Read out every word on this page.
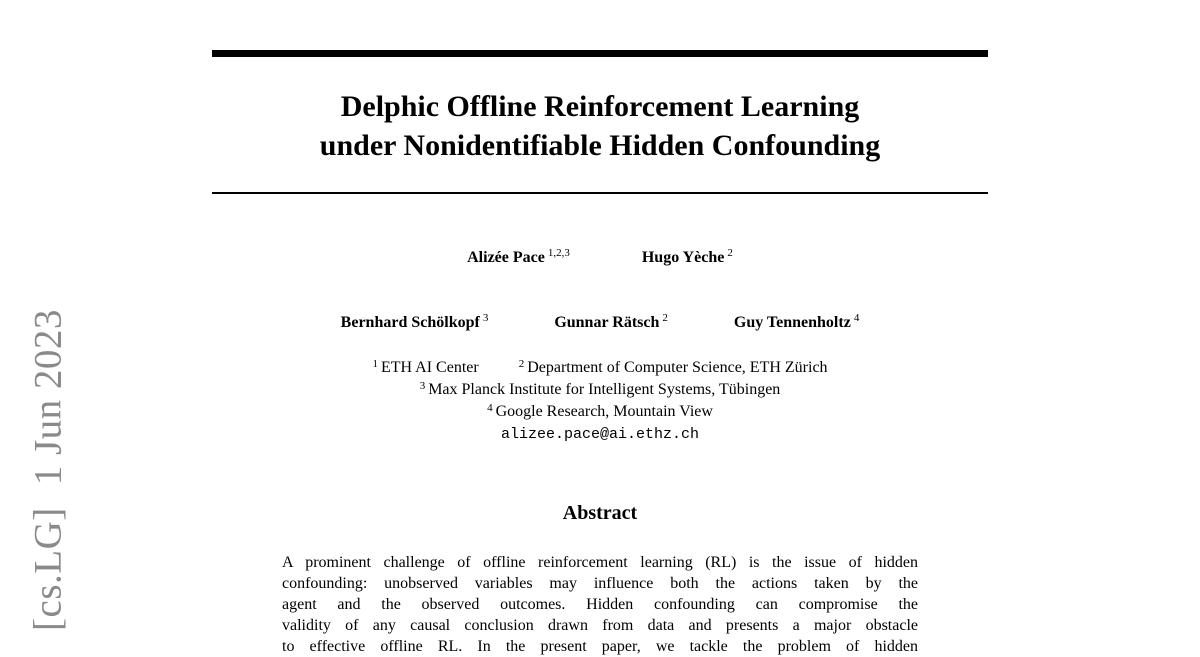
[cs.LG]1 Jun 2023
Delphic Offline Reinforcement Learning
under Nonidentifiable Hidden Confounding
Alizée Pace $^{1,2,3}$	Hugo Yèche $^2$
Bernhard Schölkopf $^3$	Gunnar Rätsch $^2$	Guy Tennenholtz $^4$
$^1$ ETH AI Center	$^2$ Department of Computer Science, ETH Zürich
$^3$ Max Planck Institute for Intelligent Systems, Tübingen
$^4$ Google Research, Mountain View
alizee.pace@ai.ethz.ch
Abstract
A prominent challenge of offline reinforcement learning (RL) is the issue of hidden
confounding: unobserved variables may influence both the actions taken by the
agent and the observed outcomes. Hidden confounding can compromise the
validity of any causal conclusion drawn from data and presents a major obstacle
to effective offline RL. In the present paper, we tackle the problem of hidden
